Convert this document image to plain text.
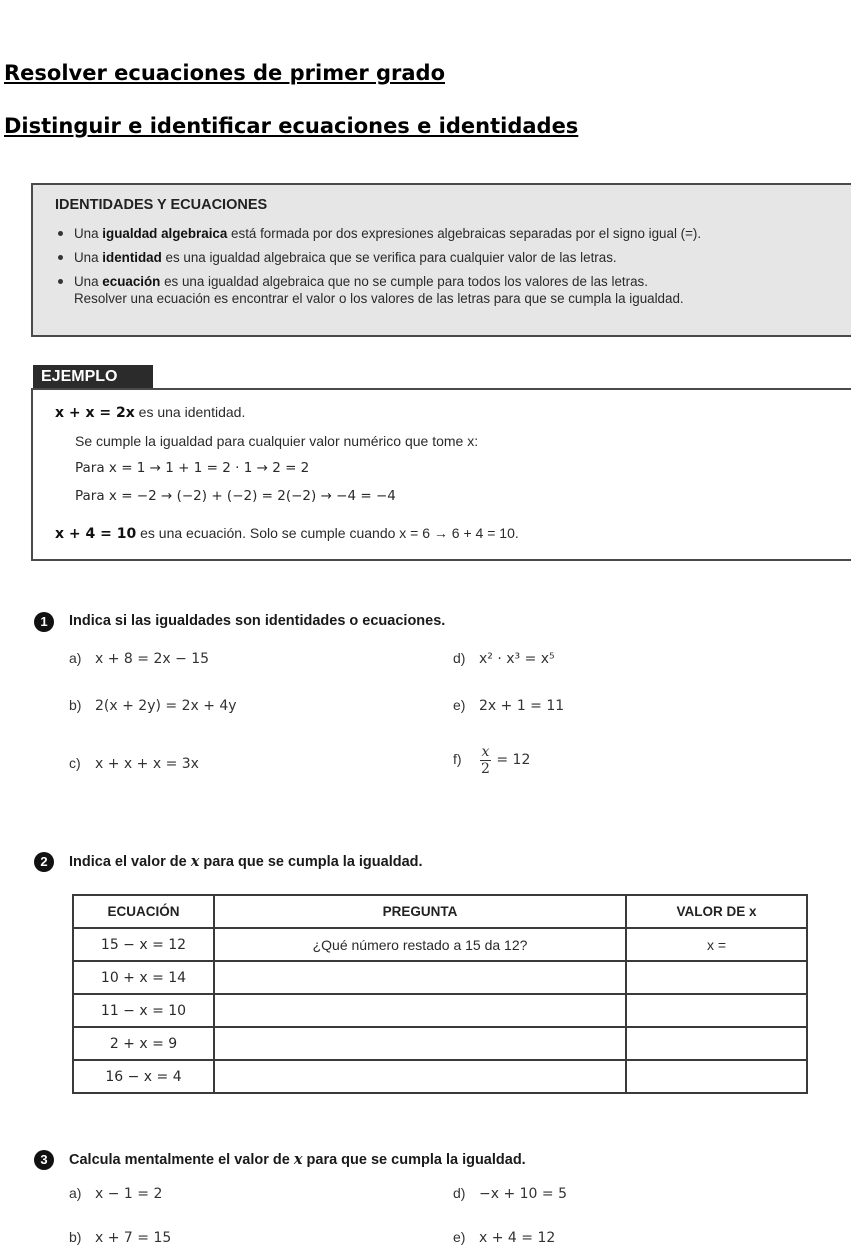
Resolver ecuaciones de primer grado
Distinguir e identificar ecuaciones e identidades
IDENTIDADES Y ECUACIONES
Una igualdad algebraica está formada por dos expresiones algebraicas separadas por el signo igual (=).
Una identidad es una igualdad algebraica que se verifica para cualquier valor de las letras.
Una ecuación es una igualdad algebraica que no se cumple para todos los valores de las letras.
Resolver una ecuación es encontrar el valor o los valores de las letras para que se cumpla la igualdad.
EJEMPLO
x + x = 2x es una identidad.
Se cumple la igualdad para cualquier valor numérico que tome x:
Para x = 1 → 1 + 1 = 2 · 1 → 2 = 2
Para x = −2 → (−2) + (−2) = 2(−2) → −4 = −4
x + 4 = 10 es una ecuación. Solo se cumple cuando x = 6 → 6 + 4 = 10.
1	Indica si las igualdades son identidades o ecuaciones.
a) x + 8 = 2x − 15
b) 2(x + 2y) = 2x + 4y
c) x + x + x = 3x
d) x² · x³ = x⁵
e) 2x + 1 = 11
$f) \frac{x}{2} = 12$
2	Indica el valor de x para que se cumpla la igualdad.
ECUACIÓN	PREGUNTA	VALOR DE x
15 − x = 12	¿Qué número restado a 15 da 12?	x =
10 + x = 14		
11 − x = 10		
2 + x = 9		
16 − x = 4		
3	Calcula mentalmente el valor de x para que se cumpla la igualdad.
a) x − 1 = 2
b) x + 7 = 15
d) −x + 10 = 5
e) x + 4 = 12
